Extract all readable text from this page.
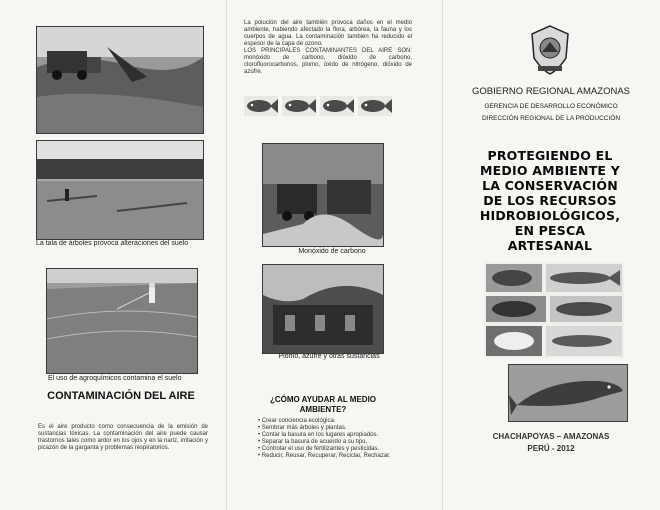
La tala de árboles provoca alteraciones del suelo
El uso de agroquímicos contamina el suelo
CONTAMINACIÓN DEL AIRE

Es el aire producto como consecuencia de la emisión de sustancias tóxicas. La contaminación del aire puede causar trastornos tales como ardor en los ojos y en la nariz, irritación y picazón de la garganta y problemas respiratorios.

La polución del aire también provoca daños en el medio ambiente, habiendo afectado la flora, arbórea, la fauna y los cuerpos de agua. La contaminación también ha reducido el espesor de la capa de ozono.

LOS PRINCIPALES CONTAMINANTES DEL AIRE SON: monóxido de carbono, dióxido de carbono, clorofluorocarbonos, plomo, óxido de nitrógeno, dióxido de azufre.

Monóxido de carbono
Plomo, azufre y otras sustancias
¿CÓMO AYUDAR AL MEDIO AMBIENTE?
• Crear conciencia ecológica.
• Sembrar más árboles y plantas.
• Contar la basura en los lugares apropiados.
• Separar la basura de acuerdo a su tipo.
• Controlar el uso de fertilizantes y pesticidas.
• Reducir, Reusar, Recuperar, Reciclar, Rechazar.
GOBIERNO REGIONAL AMAZONAS
GERENCIA DE DESARROLLO ECONÓMICO
DIRECCIÓN REGIONAL DE LA PRODUCCIÓN
PROTEGIENDO EL
MEDIO AMBIENTE Y
LA CONSERVACIÓN
DE LOS RECURSOS
HIDROBIOLÓGICOS,
EN PESCA
ARTESANAL
CHACHAPOYAS – AMAZONAS
PERÚ - 2012
